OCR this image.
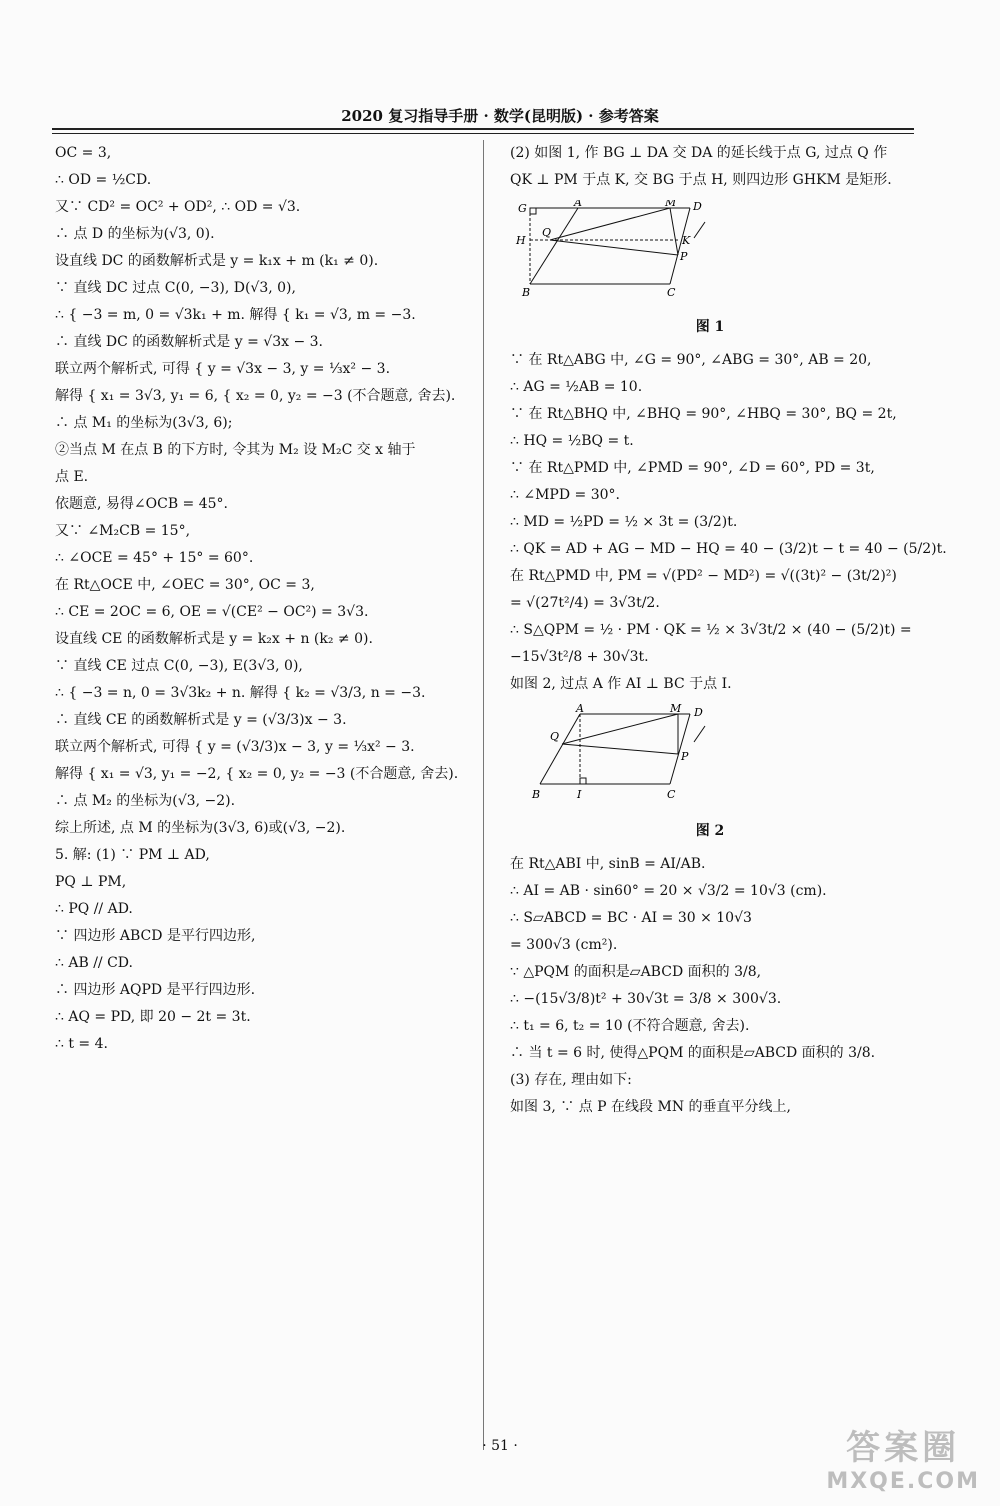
2020 复习指导手册 · 数学(昆明版) · 参考答案
OC = 3,
∴ OD = ½CD.
又∵ CD² = OC² + OD², ∴ OD = √3.
∴ 点 D 的坐标为(√3, 0).
设直线 DC 的函数解析式是 y = k₁x + m (k₁ ≠ 0).
∵ 直线 DC 过点 C(0, −3), D(√3, 0),
∴ { −3 = m, 0 = √3k₁ + m. 解得 { k₁ = √3, m = −3.
∴ 直线 DC 的函数解析式是 y = √3x − 3.
联立两个解析式, 可得 { y = √3x − 3, y = ⅓x² − 3.
解得 { x₁ = 3√3, y₁ = 6, { x₂ = 0, y₂ = −3 (不合题意, 舍去).
∴ 点 M₁ 的坐标为(3√3, 6);
②当点 M 在点 B 的下方时, 令其为 M₂ 设 M₂C 交 x 轴于
点 E.
依题意, 易得∠OCB = 45°.
又∵ ∠M₂CB = 15°,
∴ ∠OCE = 45° + 15° = 60°.
在 Rt△OCE 中, ∠OEC = 30°, OC = 3,
∴ CE = 2OC = 6, OE = √(CE² − OC²) = 3√3.
设直线 CE 的函数解析式是 y = k₂x + n (k₂ ≠ 0).
∵ 直线 CE 过点 C(0, −3), E(3√3, 0),
∴ { −3 = n, 0 = 3√3k₂ + n. 解得 { k₂ = √3/3, n = −3.
∴ 直线 CE 的函数解析式是 y = (√3/3)x − 3.
联立两个解析式, 可得 { y = (√3/3)x − 3, y = ⅓x² − 3.
解得 { x₁ = √3, y₁ = −2, { x₂ = 0, y₂ = −3 (不合题意, 舍去).
∴ 点 M₂ 的坐标为(√3, −2).
综上所述, 点 M 的坐标为(3√3, 6)或(√3, −2).
5. 解: (1) ∵ PM ⊥ AD,
PQ ⊥ PM,
∴ PQ // AD.
∵ 四边形 ABCD 是平行四边形,
∴ AB // CD.
∴ 四边形 AQPD 是平行四边形.
∴ AQ = PD, 即 20 − 2t = 3t.
∴ t = 4.
(2) 如图 1, 作 BG ⊥ DA 交 DA 的延长线于点 G, 过点 Q 作
QK ⊥ PM 于点 K, 交 BG 于点 H, 则四边形 GHKM 是矩形.
G	A	M D
H
Q
K
P
B	C
图 1
∵ 在 Rt△ABG 中, ∠G = 90°, ∠ABG = 30°, AB = 20,
∴ AG = ½AB = 10.
∵ 在 Rt△BHQ 中, ∠BHQ = 90°, ∠HBQ = 30°, BQ = 2t,
∴ HQ = ½BQ = t.
∵ 在 Rt△PMD 中, ∠PMD = 90°, ∠D = 60°, PD = 3t,
∴ ∠MPD = 30°.
∴ MD = ½PD = ½ × 3t = (3/2)t.
∴ QK = AD + AG − MD − HQ = 40 − (3/2)t − t = 40 − (5/2)t.
在 Rt△PMD 中, PM = √(PD² − MD²) = √((3t)² − (3t/2)²)
= √(27t²/4) = 3√3t/2.
∴ S△QPM = ½ · PM · QK = ½ × 3√3t/2 × (40 − (5/2)t) =
−15√3t²/8 + 30√3t.
如图 2, 过点 A 作 AI ⊥ BC 于点 I.
A	M D
Q
P
B	I	C
图 2
在 Rt△ABI 中, sinB = AI/AB.
∴ AI = AB · sin60° = 20 × √3/2 = 10√3 (cm).
∴ S▱ABCD = BC · AI = 30 × 10√3
= 300√3 (cm²).
∵ △PQM 的面积是▱ABCD 面积的 3/8,
∴ −(15√3/8)t² + 30√3t = 3/8 × 300√3.
∴ t₁ = 6, t₂ = 10 (不符合题意, 舍去).
∴ 当 t = 6 时, 使得△PQM 的面积是▱ABCD 面积的 3/8.
(3) 存在, 理由如下:
如图 3, ∵ 点 P 在线段 MN 的垂直平分线上,
· 51 ·	答案圈
MXQE.COM
